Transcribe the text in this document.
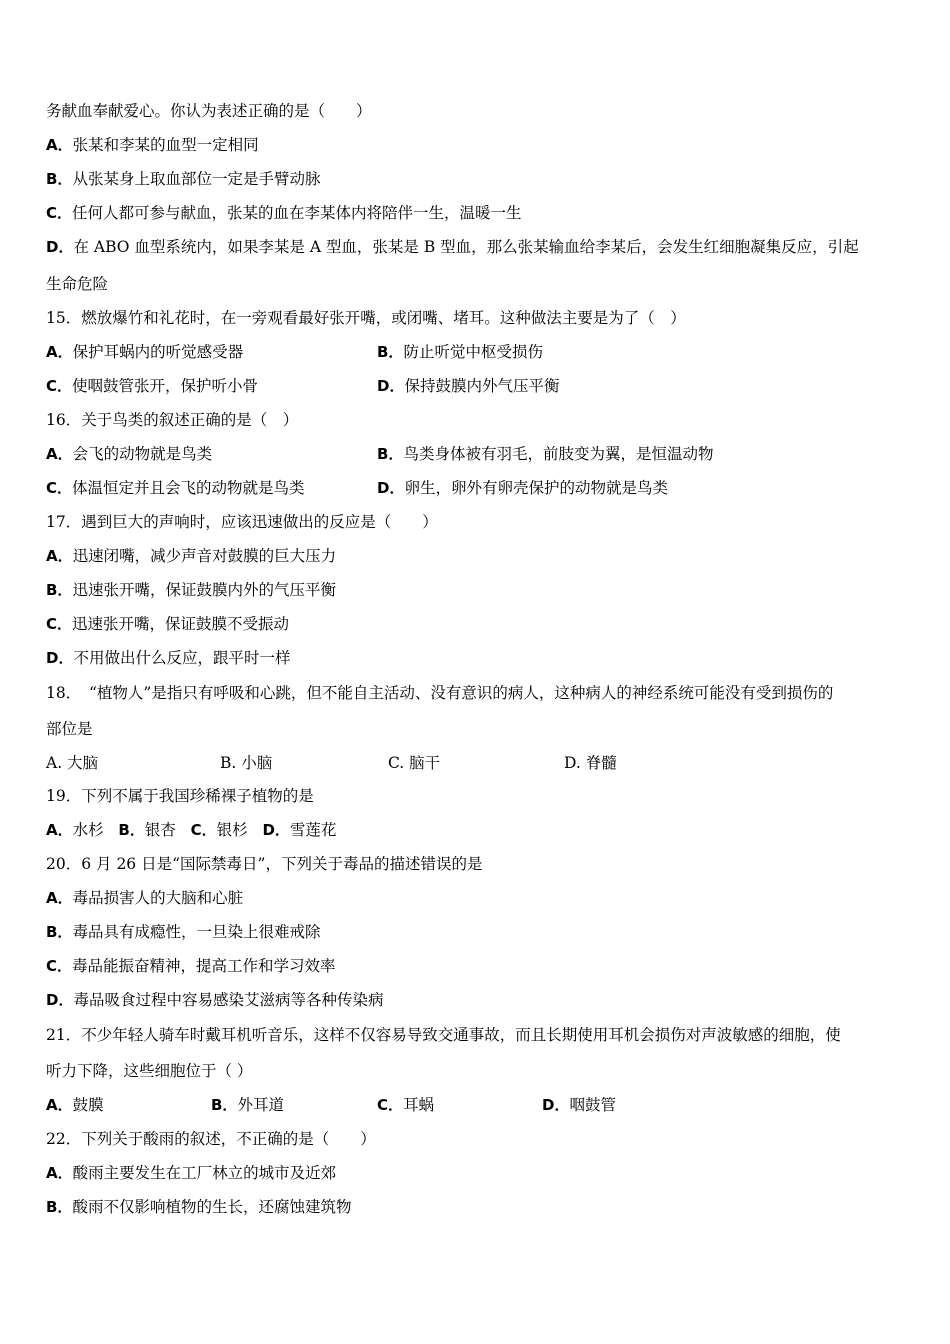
务献血奉献爱心。你认为表述正确的是（　　）
A．张某和李某的血型一定相同
B．从张某身上取血部位一定是手臂动脉
C．任何人都可参与献血，张某的血在李某体内将陪伴一生，温暖一生
D．在 ABO 血型系统内，如果李某是 A 型血，张某是 B 型血，那么张某输血给李某后，会发生红细胞凝集反应，引起
生命危险
15．燃放爆竹和礼花时，在一旁观看最好张开嘴，或闭嘴、堵耳。这种做法主要是为了（　）
A．保护耳蜗内的听觉感受器	B．防止听觉中枢受损伤
C．使咽鼓管张开，保护听小骨	D．保持鼓膜内外气压平衡
16．关于鸟类的叙述正确的是（　）
A．会飞的动物就是鸟类	B．鸟类身体被有羽毛，前肢变为翼，是恒温动物
C．体温恒定并且会飞的动物就是鸟类	D．卵生，卵外有卵壳保护的动物就是鸟类
17．遇到巨大的声响时，应该迅速做出的反应是（　　）
A．迅速闭嘴，减少声音对鼓膜的巨大压力
B．迅速张开嘴，保证鼓膜内外的气压平衡
C．迅速张开嘴，保证鼓膜不受振动
D．不用做出什么反应，跟平时一样
18．　“植物人”是指只有呼吸和心跳，但不能自主活动、没有意识的病人，这种病人的神经系统可能没有受到损伤的
部位是
A. 大脑	B. 小脑	C. 脑干	D. 脊髓
19．下列不属于我国珍稀裸子植物的是
A．水杉 B．银杏 C．银杉 D．雪莲花
20．6 月 26 日是“国际禁毒日”，下列关于毒品的描述错误的是
A．毒品损害人的大脑和心脏
B．毒品具有成瘾性，一旦染上很难戒除
C．毒品能振奋精神，提高工作和学习效率
D．毒品吸食过程中容易感染艾滋病等各种传染病
21．不少年轻人骑车时戴耳机听音乐，这样不仅容易导致交通事故，而且长期使用耳机会损伤对声波敏感的细胞，使
听力下降，这些细胞位于（ ）
A．鼓膜	B．外耳道	C．耳蜗	D．咽鼓管
22．下列关于酸雨的叙述，不正确的是（　　）
A．酸雨主要发生在工厂林立的城市及近郊
B．酸雨不仅影响植物的生长，还腐蚀建筑物
